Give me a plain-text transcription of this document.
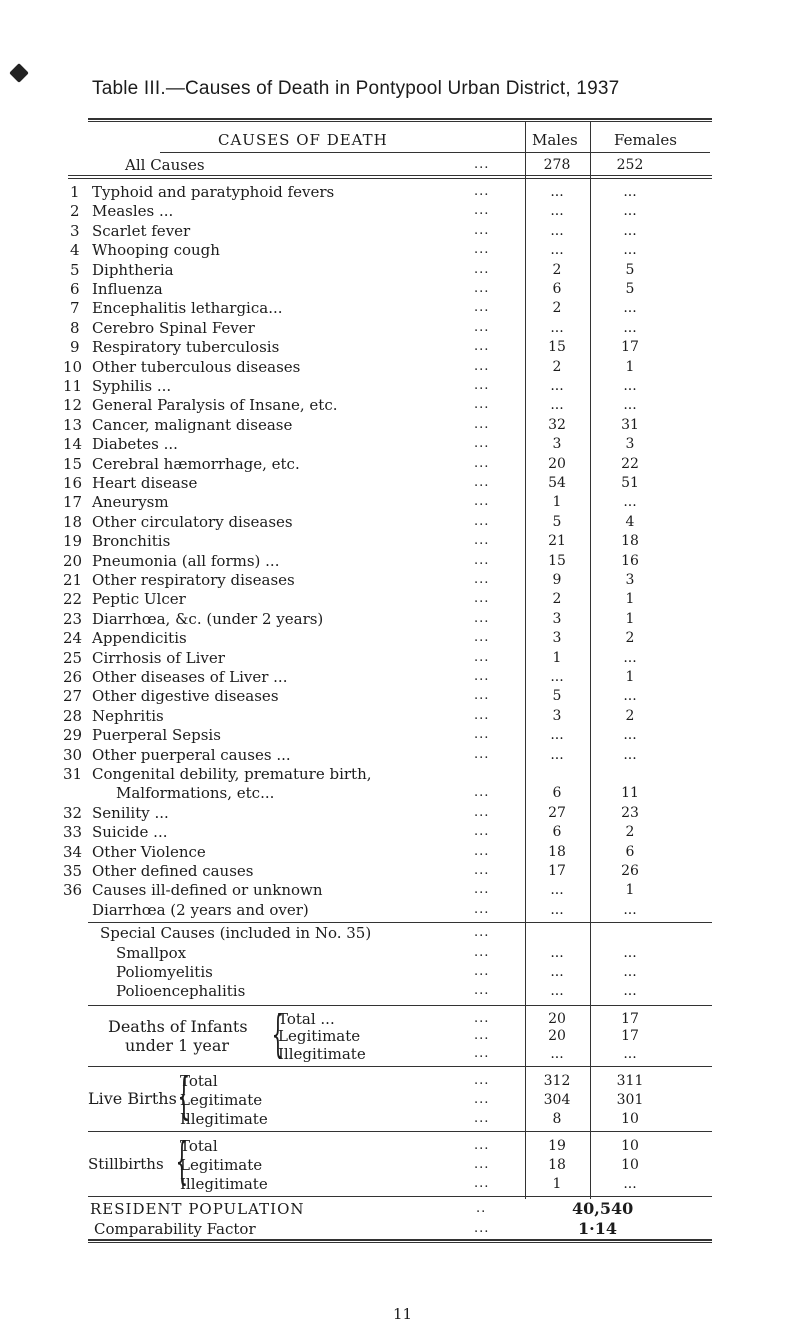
Table III.—Causes of Death in Pontypool Urban District, 1937
CAUSES OF DEATH	Males Females
All Causes	...	278	252
1 Typhoid and paratyphoid fevers	...	...	...
2 Measles ...	...	...	...
3 Scarlet fever	...	...	...
4 Whooping cough	...	...	...
5 Diphtheria	...	2	5
6 Influenza	...	6	5
7 Encephalitis lethargica...	...	2	...
8 Cerebro Spinal Fever	...	...	...
9 Respiratory tuberculosis	...	15	17
10 Other tuberculous diseases	...	2	1
11 Syphilis ...	...	...	...
12 General Paralysis of Insane, etc.	...	...	...
13 Cancer, malignant disease	...	32	31
14 Diabetes ...	...	3	3
15 Cerebral hæmorrhage, etc.	...	20	22
16 Heart disease	...	54	51
17 Aneurysm	...	1	...
18 Other circulatory diseases	...	5	4
19 Bronchitis	...	21	18
20 Pneumonia (all forms) ...	...	15	16
21 Other respiratory diseases	...	9	3
22 Peptic Ulcer	...	2	1
23 Diarrhœa, &c. (under 2 years)	...	3	1
24 Appendicitis	...	3	2
25 Cirrhosis of Liver	...	1	...
26 Other diseases of Liver ...	...	...	1
27 Other digestive diseases	...	5	...
28 Nephritis	...	3	2
29 Puerperal Sepsis	...	...	...
30 Other puerperal causes ...	...	...	...
31 Congenital debility, premature birth,
Malformations, etc...	...	6	11
32 Senility ...	...	27	23
33 Suicide ...	...	6	2
34 Other Violence	...	18	6
35 Other defined causes	...	17	26
36 Causes ill-defined or unknown	...	...	1
Diarrhœa (2 years and over)	...	...	...
Special Causes (included in No. 35)	...
Smallpox	...	...	...
Poliomyelitis	...	...	...
Polioencephalitis	...	...	...
Deaths of Infants
under 1 year {
Total ...	...	20	17
Legitimate	...	20	17
Illegitimate	...	...	...
Live Births {
Total	...	312	311
Legitimate	...	304	301
Illegitimate	...	8	10
Stillbirths {
Total	...	19	10
Legitimate	...	18	10
Illegitimate	...	1	...
RESIDENT POPULATION	..	40,540
Comparability Factor	...	1·14
11
